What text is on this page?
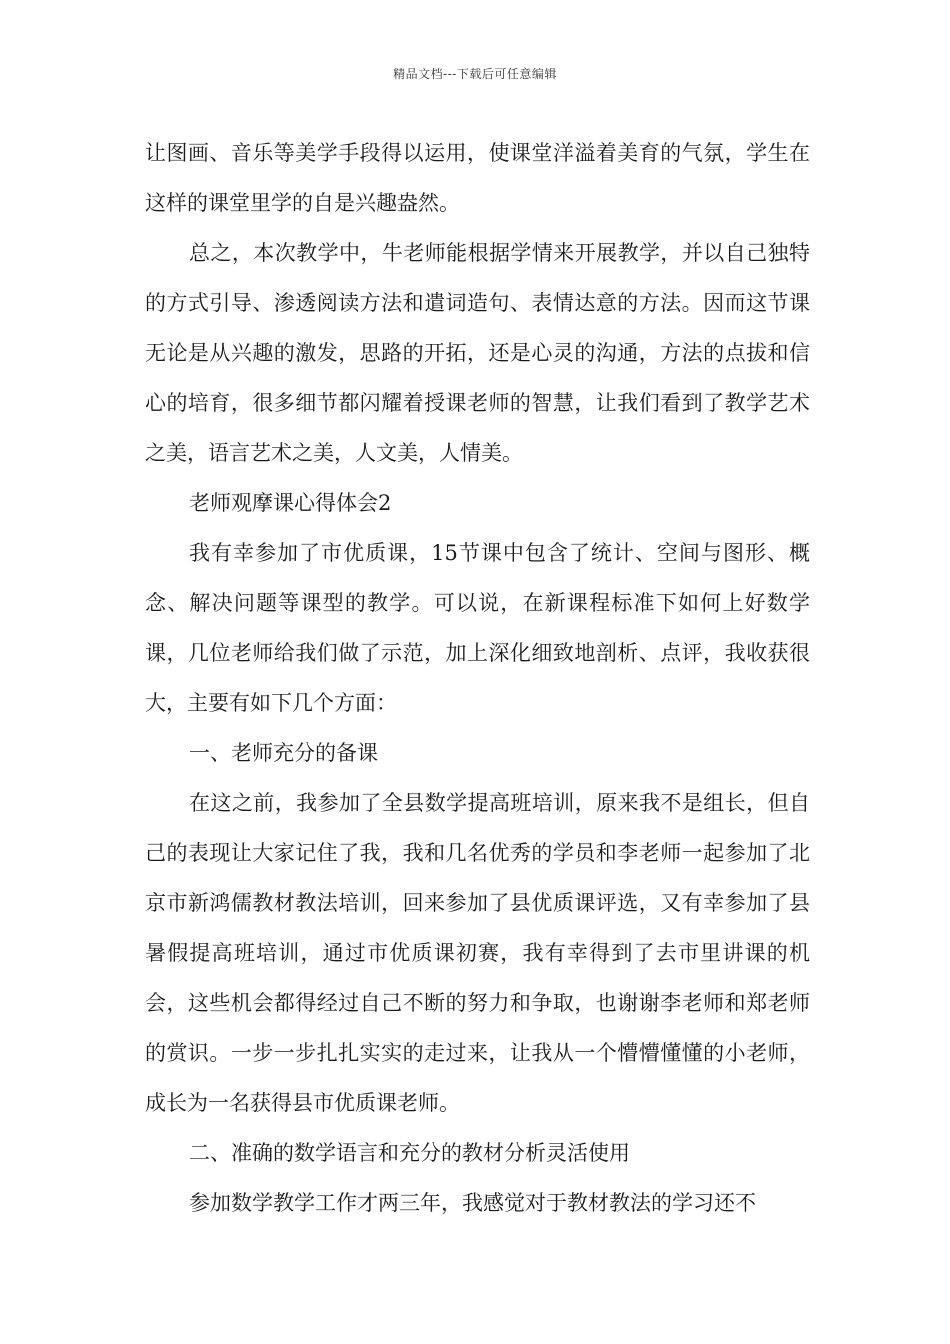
精品文档---下载后可任意编辑

让图画、音乐等美学手段得以运用，使课堂洋溢着美育的气氛，学生在这样的课堂里学的自是兴趣盎然。

总之，本次教学中，牛老师能根据学情来开展教学，并以自己独特的方式引导、渗透阅读方法和遣词造句、表情达意的方法。因而这节课无论是从兴趣的激发，思路的开拓，还是心灵的沟通，方法的点拔和信心的培育，很多细节都闪耀着授课老师的智慧，让我们看到了教学艺术之美，语言艺术之美，人文美，人情美。

老师观摩课心得体会2

我有幸参加了市优质课，15节课中包含了统计、空间与图形、概念、解决问题等课型的教学。可以说，在新课程标准下如何上好数学课，几位老师给我们做了示范，加上深化细致地剖析、点评，我收获很大，主要有如下几个方面：

一、老师充分的备课

在这之前，我参加了全县数学提高班培训，原来我不是组长，但自己的表现让大家记住了我，我和几名优秀的学员和李老师一起参加了北京市新鸿儒教材教法培训，回来参加了县优质课评选，又有幸参加了县暑假提高班培训，通过市优质课初赛，我有幸得到了去市里讲课的机会，这些机会都得经过自己不断的努力和争取，也谢谢李老师和郑老师的赏识。一步一步扎扎实实的走过来，让我从一个懵懵懂懂的小老师，成长为一名获得县市优质课老师。

二、准确的数学语言和充分的教材分析灵活使用

参加数学教学工作才两三年，我感觉对于教材教法的学习还不
